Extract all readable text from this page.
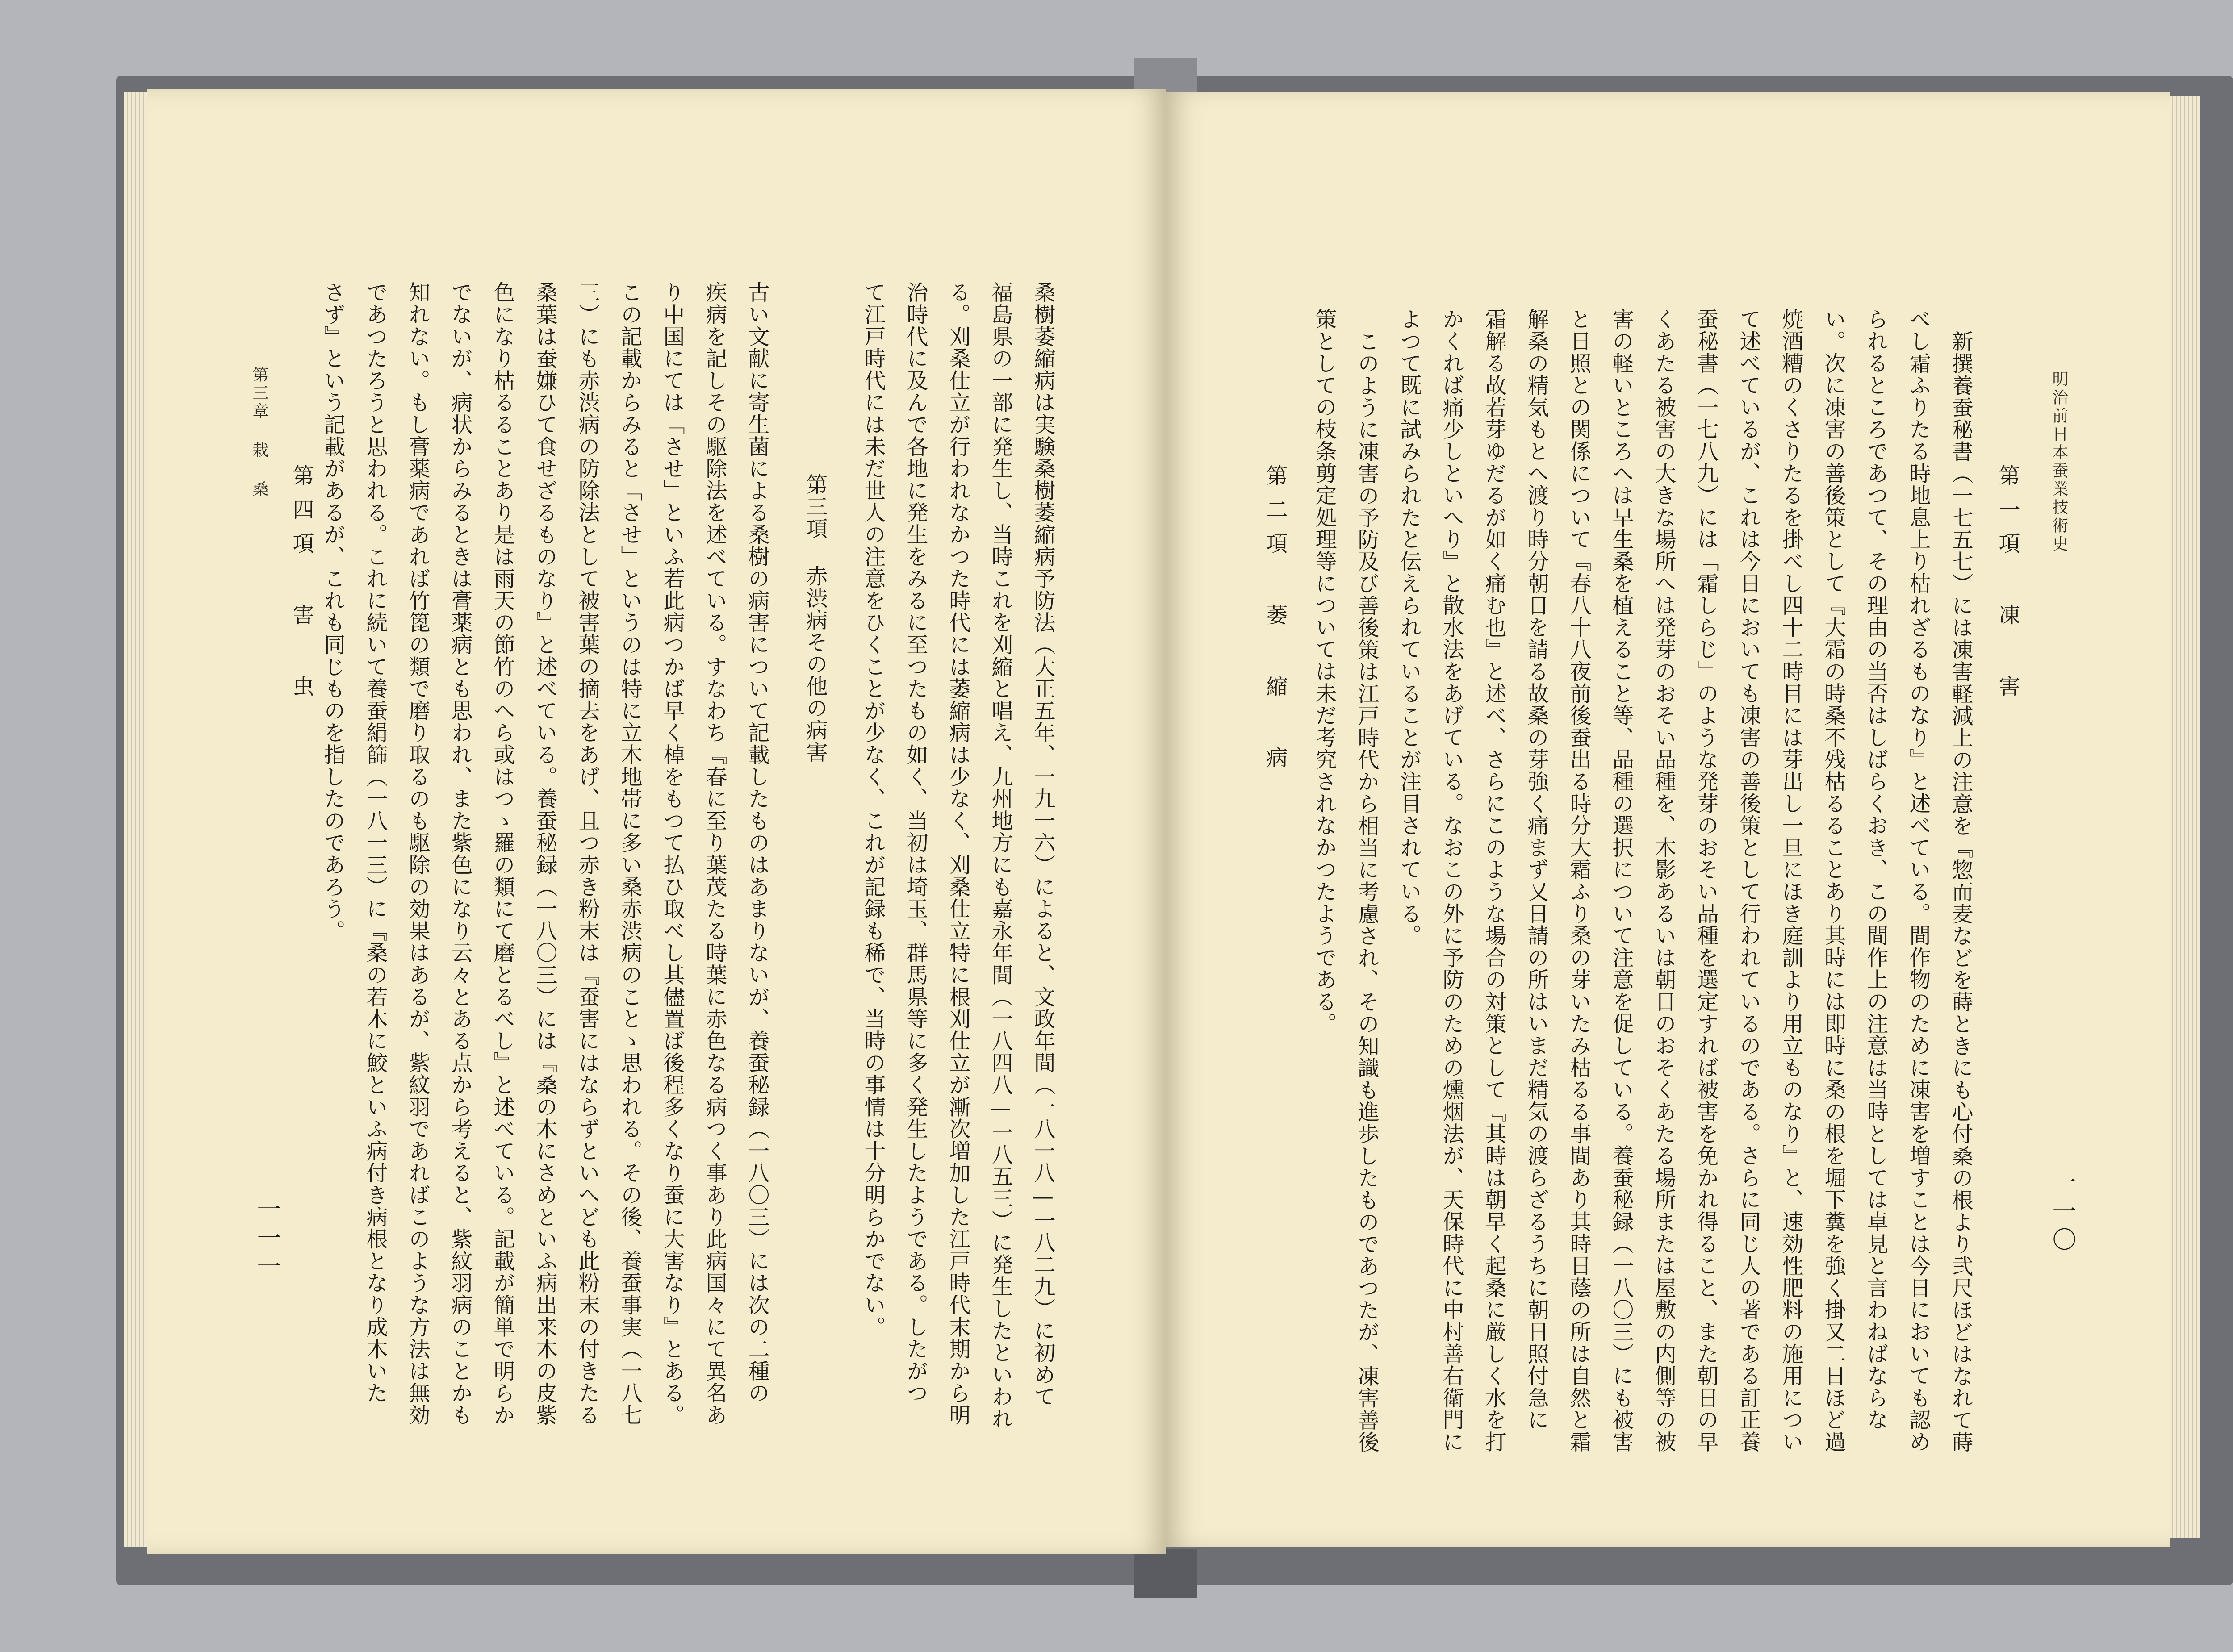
桑樹萎縮病は実験桑樹萎縮病予防法（大正五年、一九一六）によると、文政年間（一八一八—一八二九）に初めて
福島県の一部に発生し、当時これを刈縮と唱え、九州地方にも嘉永年間（一八四八—一八五三）に発生したといわれ
る。刈桑仕立が行われなかつた時代には萎縮病は少なく、刈桑仕立特に根刈仕立が漸次増加した江戸時代末期から明
治時代に及んで各地に発生をみるに至つたもの如く、当初は埼玉、群馬県等に多く発生したようである。したがつ
て江戸時代には未だ世人の注意をひくことが少なく、これが記録も稀で、当時の事情は十分明らかでない。
第三項 赤渋病その他の病害
古い文献に寄生菌による桑樹の病害について記載したものはあまりないが、養蚕秘録（一八〇三）には次の二種の
疾病を記しその駆除法を述べている。すなわち『春に至り葉茂たる時葉に赤色なる病つく事あり此病国々にて異名あ
り中国にては「させ」といふ若此病つかば早く棹をもつて払ひ取べし其儘置ば後程多くなり蚕に大害なり』とある。
この記載からみると「させ」というのは特に立木地帯に多い桑赤渋病のことゝ思われる。その後、養蚕事実（一八七
三）にも赤渋病の防除法として被害葉の摘去をあげ、且つ赤き粉末は『蚕害にはならずといへども此粉末の付きたる
桑葉は蚕嫌ひて食せざるものなり』と述べている。養蚕秘録（一八〇三）には『桑の木にさめといふ病出来木の皮紫
色になり枯るることあり是は雨天の節竹のへら或はつゝ羅の類にて磨とるべし』と述べている。記載が簡単で明らか
でないが、病状からみるときは膏薬病とも思われ、また紫色になり云々とある点から考えると、紫紋羽病のことかも
知れない。もし膏薬病であれば竹箆の類で磨り取るのも駆除の効果はあるが、紫紋羽であればこのような方法は無効
であつたろうと思われる。これに続いて養蚕絹篩（一八一三）に『桑の若木に鮫といふ病付き病根となり成木いた
さず』という記載があるが、これも同じものを指したのであろう。
第四項 害 虫
第三章 栽 桑
一一一
明治前日本蚕業技術史
一一〇
第一項 凍 害
新撰養蚕秘書（一七五七）には凍害軽減上の注意を『惣而麦などを蒔ときにも心付桑の根より弐尺ほどはなれて蒔
べし霜ふりたる時地息上り枯れざるものなり』と述べている。間作物のために凍害を増すことは今日においても認め
られるところであつて、その理由の当否はしばらくおき、この間作上の注意は当時としては卓見と言わねばならな
い。次に凍害の善後策として『大霜の時桑不残枯るることあり其時には即時に桑の根を堀下糞を強く掛又二日ほど過
焼酒糟のくさりたるを掛べし四十二時目には芽出し一旦にほき庭訓より用立ものなり』と、速効性肥料の施用につい
て述べているが、これは今日においても凍害の善後策として行われているのである。さらに同じ人の著である訂正養
蚕秘書（一七八九）には「霜しらじ」のような発芽のおそい品種を選定すれば被害を免かれ得ること、また朝日の早
くあたる被害の大きな場所へは発芽のおそい品種を、木影あるいは朝日のおそくあたる場所または屋敷の内側等の被
害の軽いところへは早生桑を植えること等、品種の選択について注意を促している。養蚕秘録（一八〇三）にも被害
と日照との関係について『春八十八夜前後蚕出る時分大霜ふり桑の芽いたみ枯るる事間あり其時日蔭の所は自然と霜
解桑の精気もとへ渡り時分朝日を請る故桑の芽強く痛まず又日請の所はいまだ精気の渡らざるうちに朝日照付急に
霜解る故若芽ゆだるが如く痛む也』と述べ、さらにこのような場合の対策として『其時は朝早く起桑に厳しく水を打
かくれば痛少しといへり』と散水法をあげている。なおこの外に予防のための燻烟法が、天保時代に中村善右衛門に
よつて既に試みられたと伝えられていることが注目されている。
このように凍害の予防及び善後策は江戸時代から相当に考慮され、その知識も進歩したものであつたが、凍害善後
策としての枝条剪定処理等については未だ考究されなかつたようである。
第二項 萎 縮 病
